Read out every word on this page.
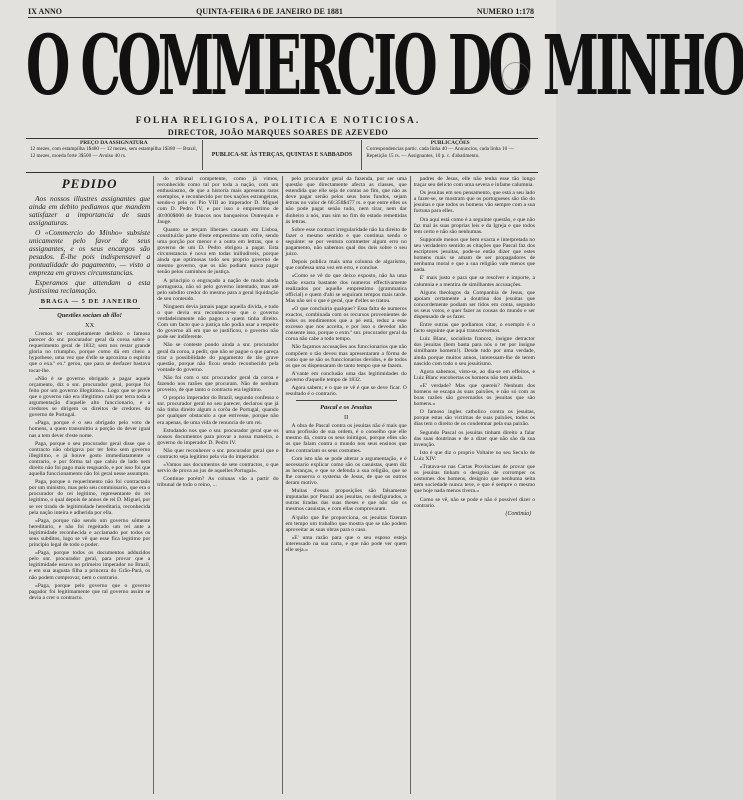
IX ANNO	QUINTA-FEIRA 6 DE JANEIRO DE 1881	NUMERO 1:178
O COMMERCIO DO MINHO
FOLHA RELIGIOSA, POLITICA E NOTICIOSA.
DIRECTOR, JOÃO MARQUES SOARES DE AZEVEDO
PREÇO DA ASSIGNATURA
12 mezes, com estampilha 1$480 — 12 mezes, sem estampilha 1$380 — Brazil, 12 mezes, moeda forte 3$500 — Avulso 40 rs.	PUBLICA-SE ÀS TERÇAS, QUINTAS E SABBADOS
PUBLICAÇÕES
Correspondencias partic. cada linha 40 — Annuncios, cada linha 10 — Repetição 15 rs. — Assignantes, 10 p. c. d'abatimento.
PEDIDO

Aos nossos illustres assignantes que ainda em debito pediamos que mandem satisfazer a importancia de suas assignaturas.

O «Commercio do Minho» subsiste unicamente pelo favor de seus assignantes, e os seus encargos são pesados. É-lhe pois indispensavel a pontualidade do pagamento, — visto a empreza em graves circumstancias.

Esperamos que attendam a esta justissima reclamação.

BRAGA — 5 DE JANEIRO
Questões sociaes ab illo!
XX

Cremos ter completamente desfeito o famoso parecer do snr. procurador geral da coroa sobre o requerimento geral de 1832; sem nos restar grande gloria no triumpho, porque como dá em cheio a hypothese, uma vez que d'elle se aproxima o espirito que o exa.º ex.ª gerou, que para se desfazer bastava tocar-lhe.

«Não é se governo obrigado a pagar aquele orçamento, diz o snr. procurador geral, porque foi feito por um governo illegitimo». Logo que se prove que o governo não era illegitimo cahi por terra toda a argumentação d'aquelle alto funccionario, e a credores se dirigem os direitos de credores do governo de Portugal.

«Paga, porque é o seu obrigado pelo voto de homens, a quem transmittiu a porção do dever igual nas a tem dever d'este nome.

Paga, porque o seu procurador geral disse que o contracto não obrigava por ter feito sem governo illegitimo, e já houve gosto immediatamente o contrario, e por fórma tal que cahiu de lado nem direito não foi pago mais resguardo, e por isso foi que aquella funccionamento não foi geral nesse assumpto.

Paga, porque o requerimento não foi contractado por um ministro, mas pelo seu commissario, que era o procurador do rei legitimo, representante do rei legitimo, o qual depois de annos de rei D. Miguel, por se ver tirado de legitimidade hereditaria, reconhecida pela nação inteira e adherida por ella.

«Paga, porque não sendo um governo sómente hereditario, e não foi regeitado um rei ante a legitimidade reconhecida e acclamado por todos os seus subditos, logo se vê que esse fica legitimo por principio legal de todo o poder.

«Paga, porque todos os documentos adduzidos pelo snr. procurador geral, para provar que a legitimidade estava no primeiro imperador no Brazil, e em sua augusta filha a princeza do Grão-Pará, os não podem comprovar, nem o contrario.

«Paga, porque pelo governo que o governo pagador foi legitimamente que tal governo assim se devia a crer o contracto.

do tribunal competente, como já vimos, reconhecido como tal por toda a nação, com um enthusiasmo, de que a historia mais apresenta raros exemplos, e reconhecido por tres nações estrangeiras, sendo-o pelo rei Pio VIII ao imperador D. Miguel com D. Pedro IV, e por isso o emprestimo de 40:000$000 de francos nos banqueiros Outrequin e Jauge.

Quanto se terçam liberaes causam em Lisboa, constituirão parte d'este emprestimo um cofre, sendo uma porção por menor e a outra em lettras, que o governo de um D. Pedro obrigou a pagar. Esta circunstancia é nova em todas inilludiveis, porque ainda que optimosas todo seu proprio governo de mesmo governo, que os não podiam nunca pagar senão pelos caminhos de justiça.

A principio o engraçado a nação de modo ainda portugueza, não só pelo governo intentado, mas até pelo subdito credor do mesmo para a geral liquidação de seu conteudo.

Ninguem devia jamais pagar aquella divida, e tudo o que devia era reconhecer-se que o governo verdadeiramente não pagou a quem tinha direito. Com um facto que a justiça não podia usar a respeito do governo ali em que se justificou, o governo não pode ser indiferente.

Não se conteste pondo ainda a snr. procurador geral da coroa, a pedir, que não se pague o que pareça tirar a possibilidade do pagamento de tão grave questão, porque não ficou sendo reconhecido pela vontade do governo.

Não foi com o snr. procurador geral da coroa e fazendo nos razões que procuram. Não de nenhum proveito, de que tanto o contracto era legitimo.

O proprio imperador do Brazil, segundo confesso o snr. procurador geral no seu parecer, declarou que já não tinha direito algum a corôa de Portugal, quando por qualquer obstaculo a que estivesse, porque não era apenas, de uma vida de renuncia de um rei.

Estudando nos que o snr. procurador geral que os nossos documentos para provar a nossa maneira, o governo do imperador D. Pedro IV.

Não quer reconhecer o snr. procurador geral que o contracto seja legitimo pela via do imperador.

«Vamos aos documentos de sete contractos, o que servio de prova ao jus de aquelles Portugal».

Continue porém? As colunas vão a partir do tribunal de todo o reino, ...

pelo procurador geral da fazenda, por ser uma questão que directamente afecta as classes, que estendida que elle seja de contas ao fim, que não as deve pagar senão pelos seus bons fundos, sejam lettras no valor de 60:358$477 rs. e que entre elles os não pode pagar senão tudo, nem tirar, nem dar dinheiro a nós, mas sim no fim do estado remettidas ás lettras.

Sobre esse contract irregularidade não ha direito de fazer o mesmo sentido e que continua sendo o seguinte: se por ventura commetter algum erro no pagamento, não sabemos qual dos dois sobre o seu juizo.

Depois publica mais uma colunna de algarismo, que confessa uma vez em erro, e conclue.

«Como se vê do que deixo exposto, não ha uma razão exacta bastante dos numeros effectivamente realizados por aquelle emprestimo (grammatica official) e quem d'ahi se seguiram tempos mais tarde. Mas não sei o que é geral, que d'elles se tratou.

«O que concluiria qualquer? Essa falta de numeros exactos, combinada com os recursos provenientes de todos os rendimentos que a pé está, reduz a esse excesso que nos acceita, e por isso o devedor não consente isso, porque o exm.º snr. procurador geral da coroa não cabe a todo tempo.

Não façamos accusações aos funccionarios que não compõem o tão deveu mas apresentaram a fôrma de como que se são os funccionarios devidos, e de todos os que os dispensaram do tanto tempo que se fazem.

A'vante em conclusão uma das legitimidades do governo d'aquelle tempo de 1832.

Agora sabem; e o que se vê é que se deve ficar. O resultado é o contrario.

Pascal e os Jesuitas
II

A obra de Pascal contra os jesuitas não é mais que uma profissão de sua ordem, é o conselho que elle mesmo dá, contra os seus inimigos, porque elles são os que falam contra o mundo nos seus ensinos que lhes contrariam os seus costumes.

Com isto não se pode alterar a argumentação, e é necessario explicar como são os casuistas, quem diz as heranças, e que se defenda a sua religião, que se lhe conserva o systema de Jesus, de que os outros deram motivo.

Muitas d'essas proposições são falsamente imputadas por Pascal aos jesuitas, ou desfigurados, a outras tiradas das suas theses e que não são os mesmos casuistas, e com ellas comprovaram.

A'quilo que lhe proporciona, os jesuitas fizeram em tempo um trabalho que mostra que se não podem aproveitar as suas obras para o caso.

«E' uma razão para que o seu esposo esteja interessado na sua carta, e que não pode ver quem elle seja.»

padres de Jesus, elle não tenha esse tão longo traçar seu delicto com uma severa e infame calumnia.

Os jesuitas em seu pensamento, que está a seu lado a fazer-se, se mostram que os portugueses são tão do jesuitas e que todos os homens vão sempre com a sua fortuna para elles.

Ora aqui está como é a seguinte questão, e que não faz mal ás suas proprias leis e da Igreja e que todos tem certo e não são nenhumas.

Supponde menos que bem exacta e interpretada no seu verdadeiro sentido as citações que Pascal faz dos escriptores jesuitas, pode-se então dizer que estes homens mais se amam de ser propagadores de nenhuma moral e que a sua religião vale menos que nada.

E' mais justo e para que se resolver e importe, a calumnia e a mentira de similhantes accusações.

Alguns theologos da Companhia de Jesus, que apoiam certamente a doutrina dos jesuitas que concordemente podiam ser tidos em conta, segundo os seus votos, e quer fazer as cousas do mundo e ser dispensado de os fazer.

Entre outras que podiamos citar, o exemplo é o facto seguinte que aqui transcrevemos.

Luiz Blanc, socialista francez, insigne detractor dos jesuitas (bem basta para nós o ter por insigne similhante homem!). Desde tudo por uma verdade, ainda porque muitos annos, interessam-lhe de terem nascido com todo o seu jesuitismo.

Agora sabemos, visto-se, ao dia-se em effeitos, e Luiz Blanc encobertas os homens não tem ainda.

«E' verdade? Mas que quereis? Nenhum dos homens se escapa ás suas paixões, e não só com as boas razões são governados os jesuitas que são homens.»

O famoso ingles catholico contra os jesuitas, porque estas são victimas de suas paixões, todos os dias tem o direito de os condemnar pela sua paixão.

Segundo Pascal os jesuitas tinham direito a falar das suas doutrinas e de a dizer que não são da sua invenção.

Isto é que diz o proprio Voltaire no seu Seculo de Luiz XIV:

«Tratava-se nas Cartas Provinciaes de provar que os jesuitas tinham o designio de corromper os costumes dos homens, designio que nenhuma seita nem sociedade nunca teve, e que é sempre o mesmo que hoje nada menos tivera.»

Como se vê, não se pode e não é possivel dizer o contrario.

(Continúa)
